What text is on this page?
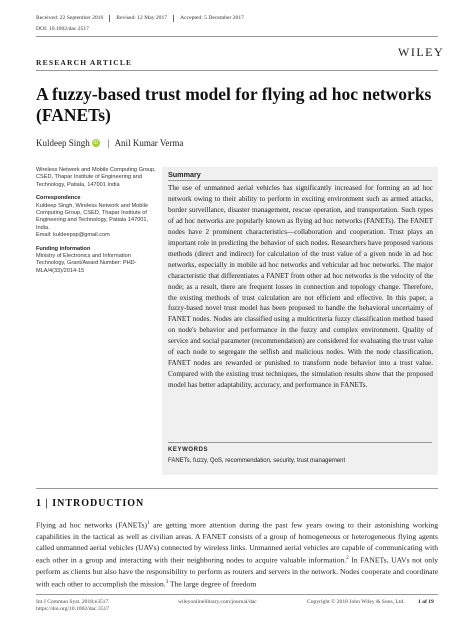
Received: 22 September 2016 Revised: 12 May 2017 Accepted: 5 December 2017
DOI: 10.1002/dac.3517
WILEY
RESEARCH ARTICLE
A fuzzy-based trust model for flying ad hoc networks (FANETs)
Kuldeep Singh iD | Anil Kumar Verma
Wireless Network and Mobile Computing Group, CSED, Thapar Institute of Engineering and Technology, Patiala, 147001 India
Correspondence
Kuldeep Singh, Wireless Network and Mobile Computing Group, CSED, Thapar Institute of Engineering and Technology, Patiala 147001, India.
Email: kuldeepsp@gmail.com
Funding information
Ministry of Electronics and Information Technology, Grant/Award Number: PHD-MLA/4(33)/2014-15
Summary
The use of unmanned aerial vehicles has significantly increased for forming an ad hoc network owing to their ability to perform in exciting environment such as armed attacks, border surveillance, disaster management, rescue operation, and transportation. Such types of ad hoc networks are popularly known as flying ad hoc networks (FANETs). The FANET nodes have 2 prominent characteristics—collaboration and cooperation. Trust plays an important role in predicting the behavior of such nodes. Researchers have proposed various methods (direct and indirect) for calculation of the trust value of a given node in ad hoc networks, especially in mobile ad hoc networks and vehicular ad hoc networks. The major characteristic that differentiates a FANET from other ad hoc networks is the velocity of the node; as a result, there are frequent losses in connection and topology change. Therefore, the existing methods of trust calculation are not efficient and effective. In this paper, a fuzzy-based novel trust model has been proposed to handle the behavioral uncertainty of FANET nodes. Nodes are classified using a multicriteria fuzzy classification method based on node's behavior and performance in the fuzzy and complex environment. Quality of service and social parameter (recommendation) are considered for evaluating the trust value of each node to segregate the selfish and malicious nodes. With the node classification, FANET nodes are rewarded or punished to transform node behavior into a trust value. Compared with the existing trust techniques, the simulation results show that the proposed model has better adaptability, accuracy, and performance in FANETs.
KEYWORDS
FANETs, fuzzy, QoS, recommendation, security, trust management
1 | INTRODUCTION
Flying ad hoc networks (FANETs)$^1$ are getting more attention during the past few years owing to their astonishing working capabilities in the tactical as well as civilian areas. A FANET consists of a group of homogeneous or heterogeneous flying agents called unmanned aerial vehicles (UAVs) connected by wireless links. Unmanned aerial vehicles are capable of communicating with each other in a group and interacting with their neighboring nodes to acquire valuable information.$^2$ In FANETs, UAVs not only perform as clients but also have the responsibility to perform as routers and servers in the network. Nodes cooperate and coordinate with each other to accomplish the mission.$^3$ The large degree of freedom
Int J Commun Syst. 2018;e3517.
https://doi.org/10.1002/dac.3517
wileyonlinelibrary.com/journal/dac	Copyright © 2018 John Wiley & Sons, Ltd. 1 of 19
